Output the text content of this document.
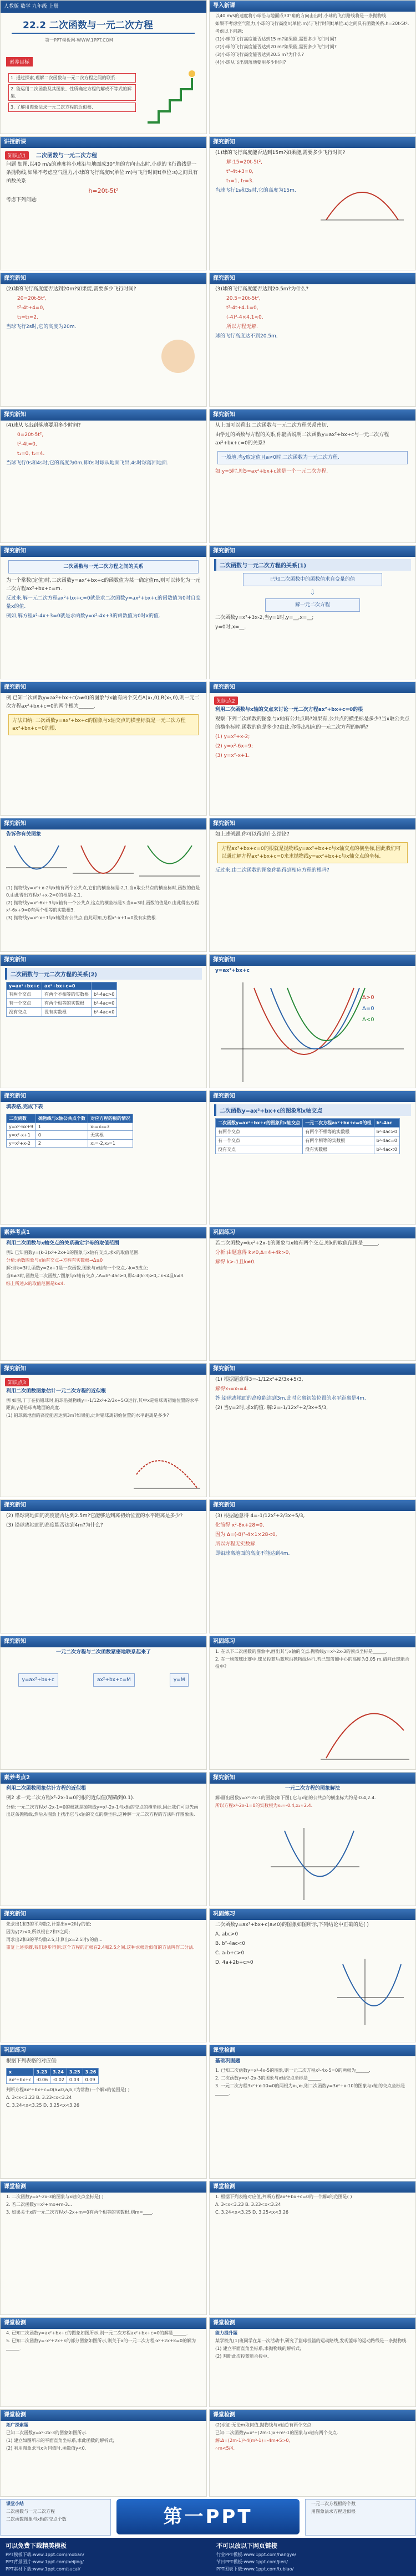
人教版 数学 九年级 上册
22.2 二次函数与一元二次方程
第一PPT模板网-WWW.1PPT.COM
素养目标
1. 通过探索,理解二次函数与一元二次方程之间的联系.
2. 能运用二次函数及其图象、性质确定方程的解或不等式的解集.
3. 了解用图象法求一元二次方程的近似根.
导入新课
以40 m/s的速度将小球沿与地面成30°角的方向击出时,小球的飞行路线将是一条抛物线.
如果不考虑空气阻力,小球的飞行高度h(单位:m)与飞行时间t(单位:s)之间具有函数关系:h=20t-5t².
考虑以下问题:
(1)小球的飞行高度能否达到15 m?如果能,需要多少飞行时间?
(2)小球的飞行高度能否达到20 m?如果能,需要多少飞行时间?
(3)小球的飞行高度能否达到20.5 m?为什么?
(4)小球从飞出到落地要用多少时间?
讲授新课
知识点1 二次函数与一元二次方程
问题 如图,以40 m/s的速度将小球沿与地面成30°角的方向击出时,小球的飞行路线是一条抛物线,如果不考虑空气阻力,小球的飞行高度h(单位:m)与飞行时间t(单位:s)之间具有函数关系
h=20t-5t²
考虑下列问题:
探究新知
(1)球的飞行高度能否达到15m?如果能,需要多少飞行时间?
解:15=20t-5t²,
t²-4t+3=0,
t₁=1, t₂=3.
当球飞行1s和3s时,它的高度为15m.
探究新知
(2)球的飞行高度能否达到20m?如果能,需要多少飞行时间?
20=20t-5t²,
t²-4t+4=0,
t₁=t₂=2.
当球飞行2s时,它的高度为20m.
探究新知
(3)球的飞行高度能否达到20.5m?为什么?
20.5=20t-5t²,
t²-4t+4.1=0,
(-4)²-4×4.1<0,
所以方程无解.
球的飞行高度达不到20.5m.
探究新知
(4)球从飞出到落地要用多少时间?
0=20t-5t²,
t²-4t=0,
t₁=0, t₂=4.
当球飞行0s和4s时,它的高度为0m,即0s时球从地面飞出,4s时球落回地面.
探究新知
从上面可以看出,二次函数与一元二次方程关系密切.
由学过的函数与方程的关系,你能否说明二次函数y=ax²+bx+c与一元二次方程ax²+bx+c=0的关系?
一般地,当y取定值且a≠0时,二次函数为一元二次方程.
如:y=5时,则5=ax²+bx+c就是一个一元二次方程.
探究新知
二次函数与一元二次方程之间的关系
为一个常数(定值)时,二次函数y=ax²+bx+c的函数值为某一确定值m,则可以转化为一元二次方程ax²+bx+c=m.
反过来,解一元二次方程ax²+bx+c=0就是求二次函数y=ax²+bx+c的函数值为0时自变量x的值.
例如,解方程x²-4x+3=0就是求函数y=x²-4x+3的函数值为0时x的值.
探究新知
二次函数与一元二次方程的关系(1)
已知二次函数中的函数值求自变量的值
⇩
解一元二次方程
二次函数y=x²+3x-2,当y=1时,y=__,x=__;
y=0时,x=__.
探究新知
例 已知二次函数y=ax²+bx+c(a≠0)的图象与x轴有两个交点A(x₁,0),B(x₂,0),则一元二次方程ax²+bx+c=0的两个根为______.
方法归纳: 二次函数y=ax²+bx+c的图象与x轴交点的横坐标就是一元二次方程ax²+bx+c=0的根.
探究新知
知识点2
利用二次函数与x轴的交点来讨论一元二次方程ax²+bx+c=0的根
观察:下列二次函数的图象与x轴有公共点吗?如果有,公共点的横坐标是多少?当x取公共点的横坐标时,函数的值是多少?由此,你得出相应的一元二次方程的解吗?
(1) y=x²+x-2;
(2) y=x²-6x+9;
(3) y=x²-x+1.
探究新知
告诉你有关图象
(1) 抛物线y=x²+x-2与x轴有两个公共点,它们的横坐标是-2,1.当x取公共点的横坐标时,函数的值是0.由此得出方程x²+x-2=0的根是-2,1.
(2) 抛物线y=x²-6x+9与x轴有一个公共点,这点的横坐标是3.当x=3时,函数的值是0.由此得出方程x²-6x+9=0有两个相等的实数根3.
(3) 抛物线y=x²-x+1与x轴没有公共点,由此可知,方程x²-x+1=0没有实数根.
探究新知
如上述例题,你可以得到什么结论?
方程ax²+bx+c=0的根就是抛物线y=ax²+bx+c与x轴交点的横坐标,因此我们可以通过解方程ax²+bx+c=0来求抛物线y=ax²+bx+c与x轴交点的坐标.
反过来,由二次函数的图象你能得到相应方程的根吗?
探究新知
二次函数与一元二次方程的关系(2)
y=ax²+bx+c	ax²+bx+c=0	
有两个交点	有两个不相等的实数根	b²-4ac>0
有一个交点	有两个相等的实数根	b²-4ac=0
没有交点	没有实数根	b²-4ac<0
探究新知
y=ax²+bx+c
Δ>0
Δ=0
Δ<0
探究新知
填表格,完成下表
二次函数	抛物线与x轴公共点个数	对应方程的根的情况
y=x²-6x+9	1	x₁=x₂=3
y=x²-x+1	0	无实根
y=x²+x-2	2	x₁=-2,x₂=1
探究新知
二次函数y=ax²+bx+c的图象和x轴交点
二次函数y=ax²+bx+c的图象和x轴交点	一元二次方程ax²+bx+c=0的根	b²-4ac
有两个交点	有两个不相等的实数根	b²-4ac>0
有一个交点	有两个相等的实数根	b²-4ac=0
没有交点	没有实数根	b²-4ac<0
素养考点1
利用二次函数与x轴交点的关系确定字母的取值范围
例1 已知函数y=(k-3)x²+2x+1的图象与x轴有交点,求k的取值范围.
分析:函数图象与x轴有交点→方程有实数根→Δ≥0
解:当k=3时,函数y=2x+1是一次函数,图象与x轴有一个交点,∴k=3成立;
当k≠3时,函数是二次函数,∵图象与x轴有交点,∴Δ=b²-4ac≥0,即4-4(k-3)≥0,∴k≤4且k≠3.
综上所述,k的取值范围是k≤4.
巩固练习
若二次函数y=kx²+2x-1的图象与x轴有两个交点,则k的取值范围是______.
分析:由题意得 k≠0,Δ=4+4k>0,
解得 k>-1且k≠0.
探究新知
知识点3
利用二次函数图象估计一元二次方程的近似根
例 如图,丁丁在扔铅球时,铅球沿抛物线y=-1/12x²+2/3x+5/3运行,其中x是铅球离初始位置的水平距离,y是铅球离地面的高度.
(1) 铅球离地面的高度能否达到3m?如果能,此时铅球离初始位置的水平距离是多少?
探究新知
(1) 根据题意得3=-1/12x²+2/3x+5/3,
解得x₁=x₂=4.
答:铅球离地面的高度能达到3m,此时它离初始位置的水平距离是4m.
(2) 当y=2时,求x的值. 解:2=-1/12x²+2/3x+5/3,
探究新知
(2) 铅球离地面的高度能否达到2.5m?它能够达到离初始位置的水平距离是多少?
(3) 铅球离地面的高度能否达到4m?为什么?
探究新知
(3) 根据题意得 4=-1/12x²+2/3x+5/3,
化简得 x²-8x+28=0,
因为 Δ=(-8)²-4×1×28<0,
所以方程无实数解.
即铅球离地面的高度不能达到4m.
探究新知
一元二次方程与二次函数紧密地联系起来了
y=ax²+bx+c	ax²+bx+c=M	y=M
巩固练习
1. 在以下二次函数的图象中,画出其与x轴的交点.抛物线y=x²-2x-3的顶点坐标是______.
2. 在一场篮球比赛中,球员投篮后篮球沿抛物线运行,若已知篮圈中心的高度为3.05 m,请问此球能否投中?
素养考点2
利用二次函数图象估计方程的近似根
例2 求一元二次方程x²-2x-1=0的根的近似值(精确到0.1).
分析:一元二次方程x²-2x-1=0的根就是抛物线y=x²-2x-1与x轴的交点的横坐标,因此我们可以先画出这条抛物线,然后从图象上找出它与x轴的交点的横坐标,这种解一元二次方程的方法叫作图象法.
探究新知
一元二次方程的图象解法
解:画出函数y=x²-2x-1的图象(如下图),它与x轴的公共点的横坐标大约是-0.4,2.4.
所以方程x²-2x-1=0的实数根为x₁≈-0.4,x₂≈2.4.
探究新知
先求出1和3的平均数2,计算出x=2时y的值;
因为y(2)<0,所以根在2和3之间;
再求出2和3的平均数2.5,计算出x=2.5时y的值...
重复上述步骤,我们逐步得到:这个方程的正根在2.4和2.5之间.这种求根近似值的方法叫作二分法.
巩固练习
二次函数y=ax²+bx+c(a≠0)的图象如图所示,下列结论中正确的是( )
A. abc>0
B. b²-4ac<0
C. a-b+c>0
D. 4a+2b+c>0
巩固练习
根据下列表格的对应值:
x	3.23	3.24	3.25	3.26
ax²+bx+c	-0.06	-0.02	0.03	0.09
判断方程ax²+bx+c=0(a≠0,a,b,c为常数)一个解x的范围是( )
A. 3<x<3.23 B. 3.23<x<3.24
C. 3.24<x<3.25 D. 3.25<x<3.26
课堂检测
基础巩固题
1. 已知二次函数y=x²-4x-5的图象,则一元二次方程x²-4x-5=0的两根为______.
2. 二次函数y=x²-2x-3的图象与x轴交点坐标是______.
3. 一元二次方程3x²+x-10=0的两根为x₁,x₂,则二次函数y=3x²+x-10的图象与x轴的交点坐标是______.
课堂检测
1. 二次函数y=x²-2x-3的图象与x轴交点坐标是( )
2. 若二次函数y=x²+mx+m-3...
3. 如果关于x的一元二次方程x²-2x+m=0有两个相等的实数根,则m=____.
课堂检测
1. 根据下列表格对应值,判断方程ax²+bx+c=0的一个解x的范围是( )
A. 3<x<3.23 B. 3.23<x<3.24
C. 3.24<x<3.25 D. 3.25<x<3.26
课堂检测
4. 已知二次函数y=ax²+bx+c的图象如图所示,则一元二次方程ax²+bx+c=0的解是______.
5. 已知二次函数y=-x²+2x+k的部分图象如图所示,则关于x的一元二次方程-x²+2x+k=0的解为______.
课堂检测
能力提升题
某学校九(1)班同学在某一次活动中,研究了篮球投篮的运动路线,发现篮球的运动路线是一条抛物线.
(1) 建立平面直角坐标系,求抛物线的解析式;
(2) 判断此次投篮能否投中.
课堂检测
拓广探索题
已知二次函数y=x²-2x-3的图象如图所示.
(1) 建立如图所示的平面直角坐标系,求此函数的解析式;
(2) 利用图象求当x为何值时,函数值y<0.
课堂检测
(2)求证:无论m取何值,抛物线与x轴总有两个交点.
已知:二次函数y=x²+(2m-1)x+m²-1的图象与x轴有两个交点.
解:Δ=(2m-1)²-4(m²-1)=-4m+5>0,
∴m<5/4.
课堂小结
二次函数与一元二次方程
二次函数图象与x轴的交点个数
一元二次方程根的个数
用图象法求方程近似根
第一PPT
可以免费下载精美模板
PPT模板下载:www.1ppt.com/moban/
PPT背景图片:www.1ppt.com/beijing/
PPT素材下载:www.1ppt.com/sucai/
不可以放以下网页链接
行业PPT模板:www.1ppt.com/hangye/
节日PPT模板:www.1ppt.com/jieri/
PPT图表下载:www.1ppt.com/tubiao/
